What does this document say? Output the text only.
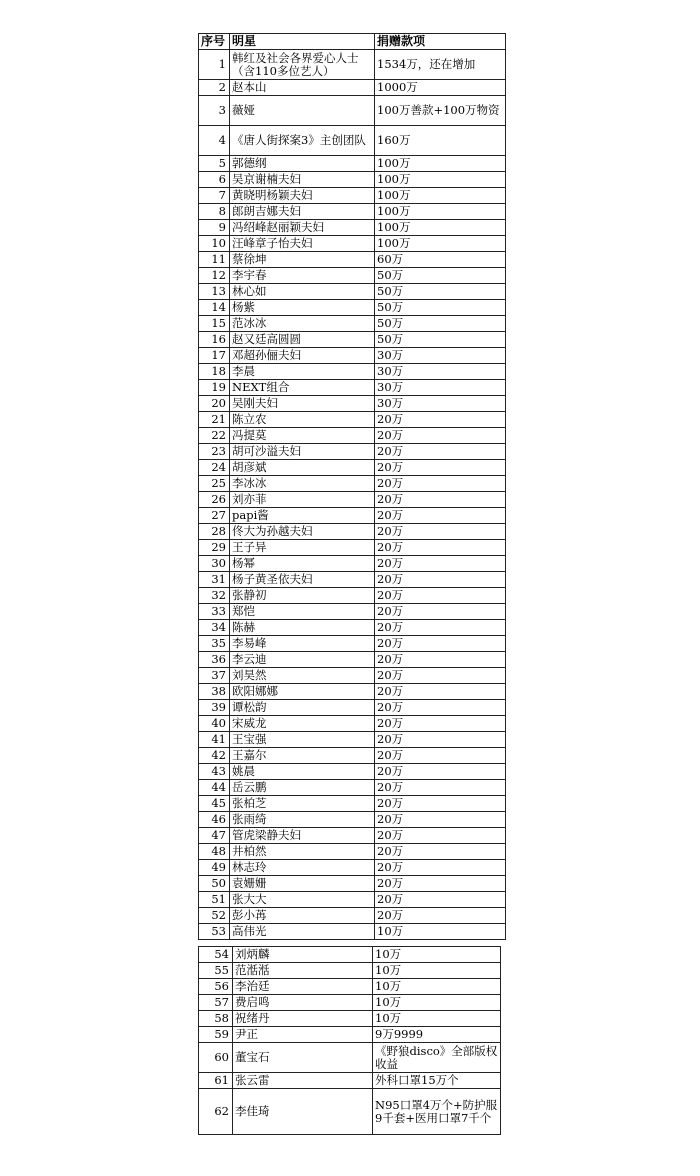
序号	明星	捐赠款项
1	韩红及社会各界爱心人士（含110多位艺人）	1534万，还在增加
2	赵本山	1000万
3	薇娅	100万善款+100万物资
4	《唐人街探案3》主创团队	160万
5	郭德纲	100万
6	吴京谢楠夫妇	100万
7	黄晓明杨颖夫妇	100万
8	郎朗吉娜夫妇	100万
9	冯绍峰赵丽颖夫妇	100万
10	汪峰章子怡夫妇	100万
11	蔡徐坤	60万
12	李宇春	50万
13	林心如	50万
14	杨紫	50万
15	范冰冰	50万
16	赵又廷高圆圆	50万
17	邓超孙俪夫妇	30万
18	李晨	30万
19	NEXT组合	30万
20	吴刚夫妇	30万
21	陈立农	20万
22	冯提莫	20万
23	胡可沙溢夫妇	20万
24	胡彦斌	20万
25	李冰冰	20万
26	刘亦菲	20万
27	papi酱	20万
28	佟大为孙越夫妇	20万
29	王子异	20万
30	杨幂	20万
31	杨子黄圣依夫妇	20万
32	张静初	20万
33	郑恺	20万
34	陈赫	20万
35	李易峰	20万
36	李云迪	20万
37	刘昊然	20万
38	欧阳娜娜	20万
39	谭松韵	20万
40	宋威龙	20万
41	王宝强	20万
42	王嘉尔	20万
43	姚晨	20万
44	岳云鹏	20万
45	张柏芝	20万
46	张雨绮	20万
47	管虎梁静夫妇	20万
48	井柏然	20万
49	林志玲	20万
50	袁姗姗	20万
51	张大大	20万
52	彭小苒	20万
53	高伟光	10万
54	刘炳麟	10万
55	范湉湉	10万
56	李治廷	10万
57	费启鸣	10万
58	祝绪丹	10万
59	尹正	9万9999
60	董宝石	《野狼disco》全部版权收益
61	张云雷	外科口罩15万个
62	李佳琦	N95口罩4万个+防护服9千套+医用口罩7千个
